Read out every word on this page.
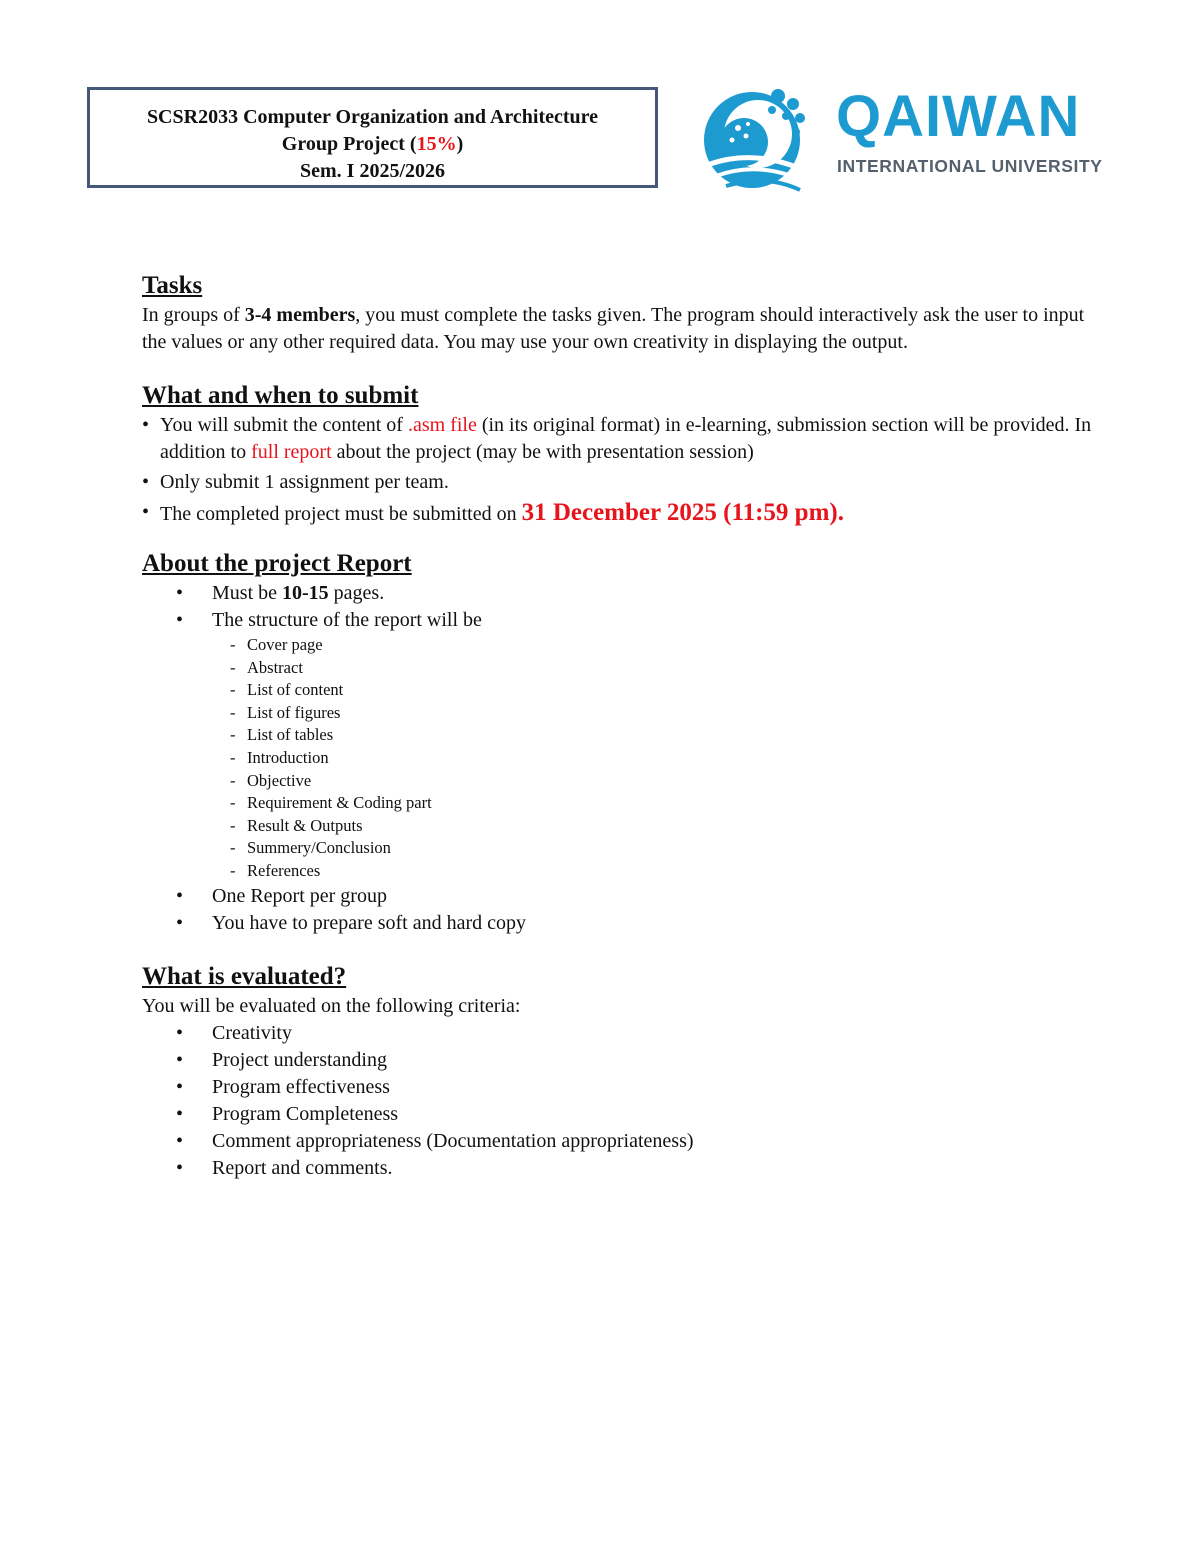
SCSR2033 Computer Organization and Architecture
Group Project (15%)
Sem. I 2025/2026
QAIWAN
INTERNATIONAL UNIVERSITY
Tasks

In groups of 3-4 members, you must complete the tasks given. The program should interactively ask the user to input the values or any other required data. You may use your own creativity in displaying the output.

What and when to submit
• You will submit the content of .asm file (in its original format) in e-learning, submission section will be provided. In addition to full report about the project (may be with presentation session)
• Only submit 1 assignment per team.
• The completed project must be submitted on 31 December 2025 (11:59 pm).
About the project Report
• Must be 10-15 pages.
• The structure of the report will be
- Cover page
- Abstract
- List of content
- List of figures
- List of tables
- Introduction
- Objective
- Requirement & Coding part
- Result & Outputs
- Summery/Conclusion
- References
• One Report per group
• You have to prepare soft and hard copy
What is evaluated?

You will be evaluated on the following criteria:

• Creativity
• Project understanding
• Program effectiveness
• Program Completeness
• Comment appropriateness (Documentation appropriateness)
• Report and comments.
